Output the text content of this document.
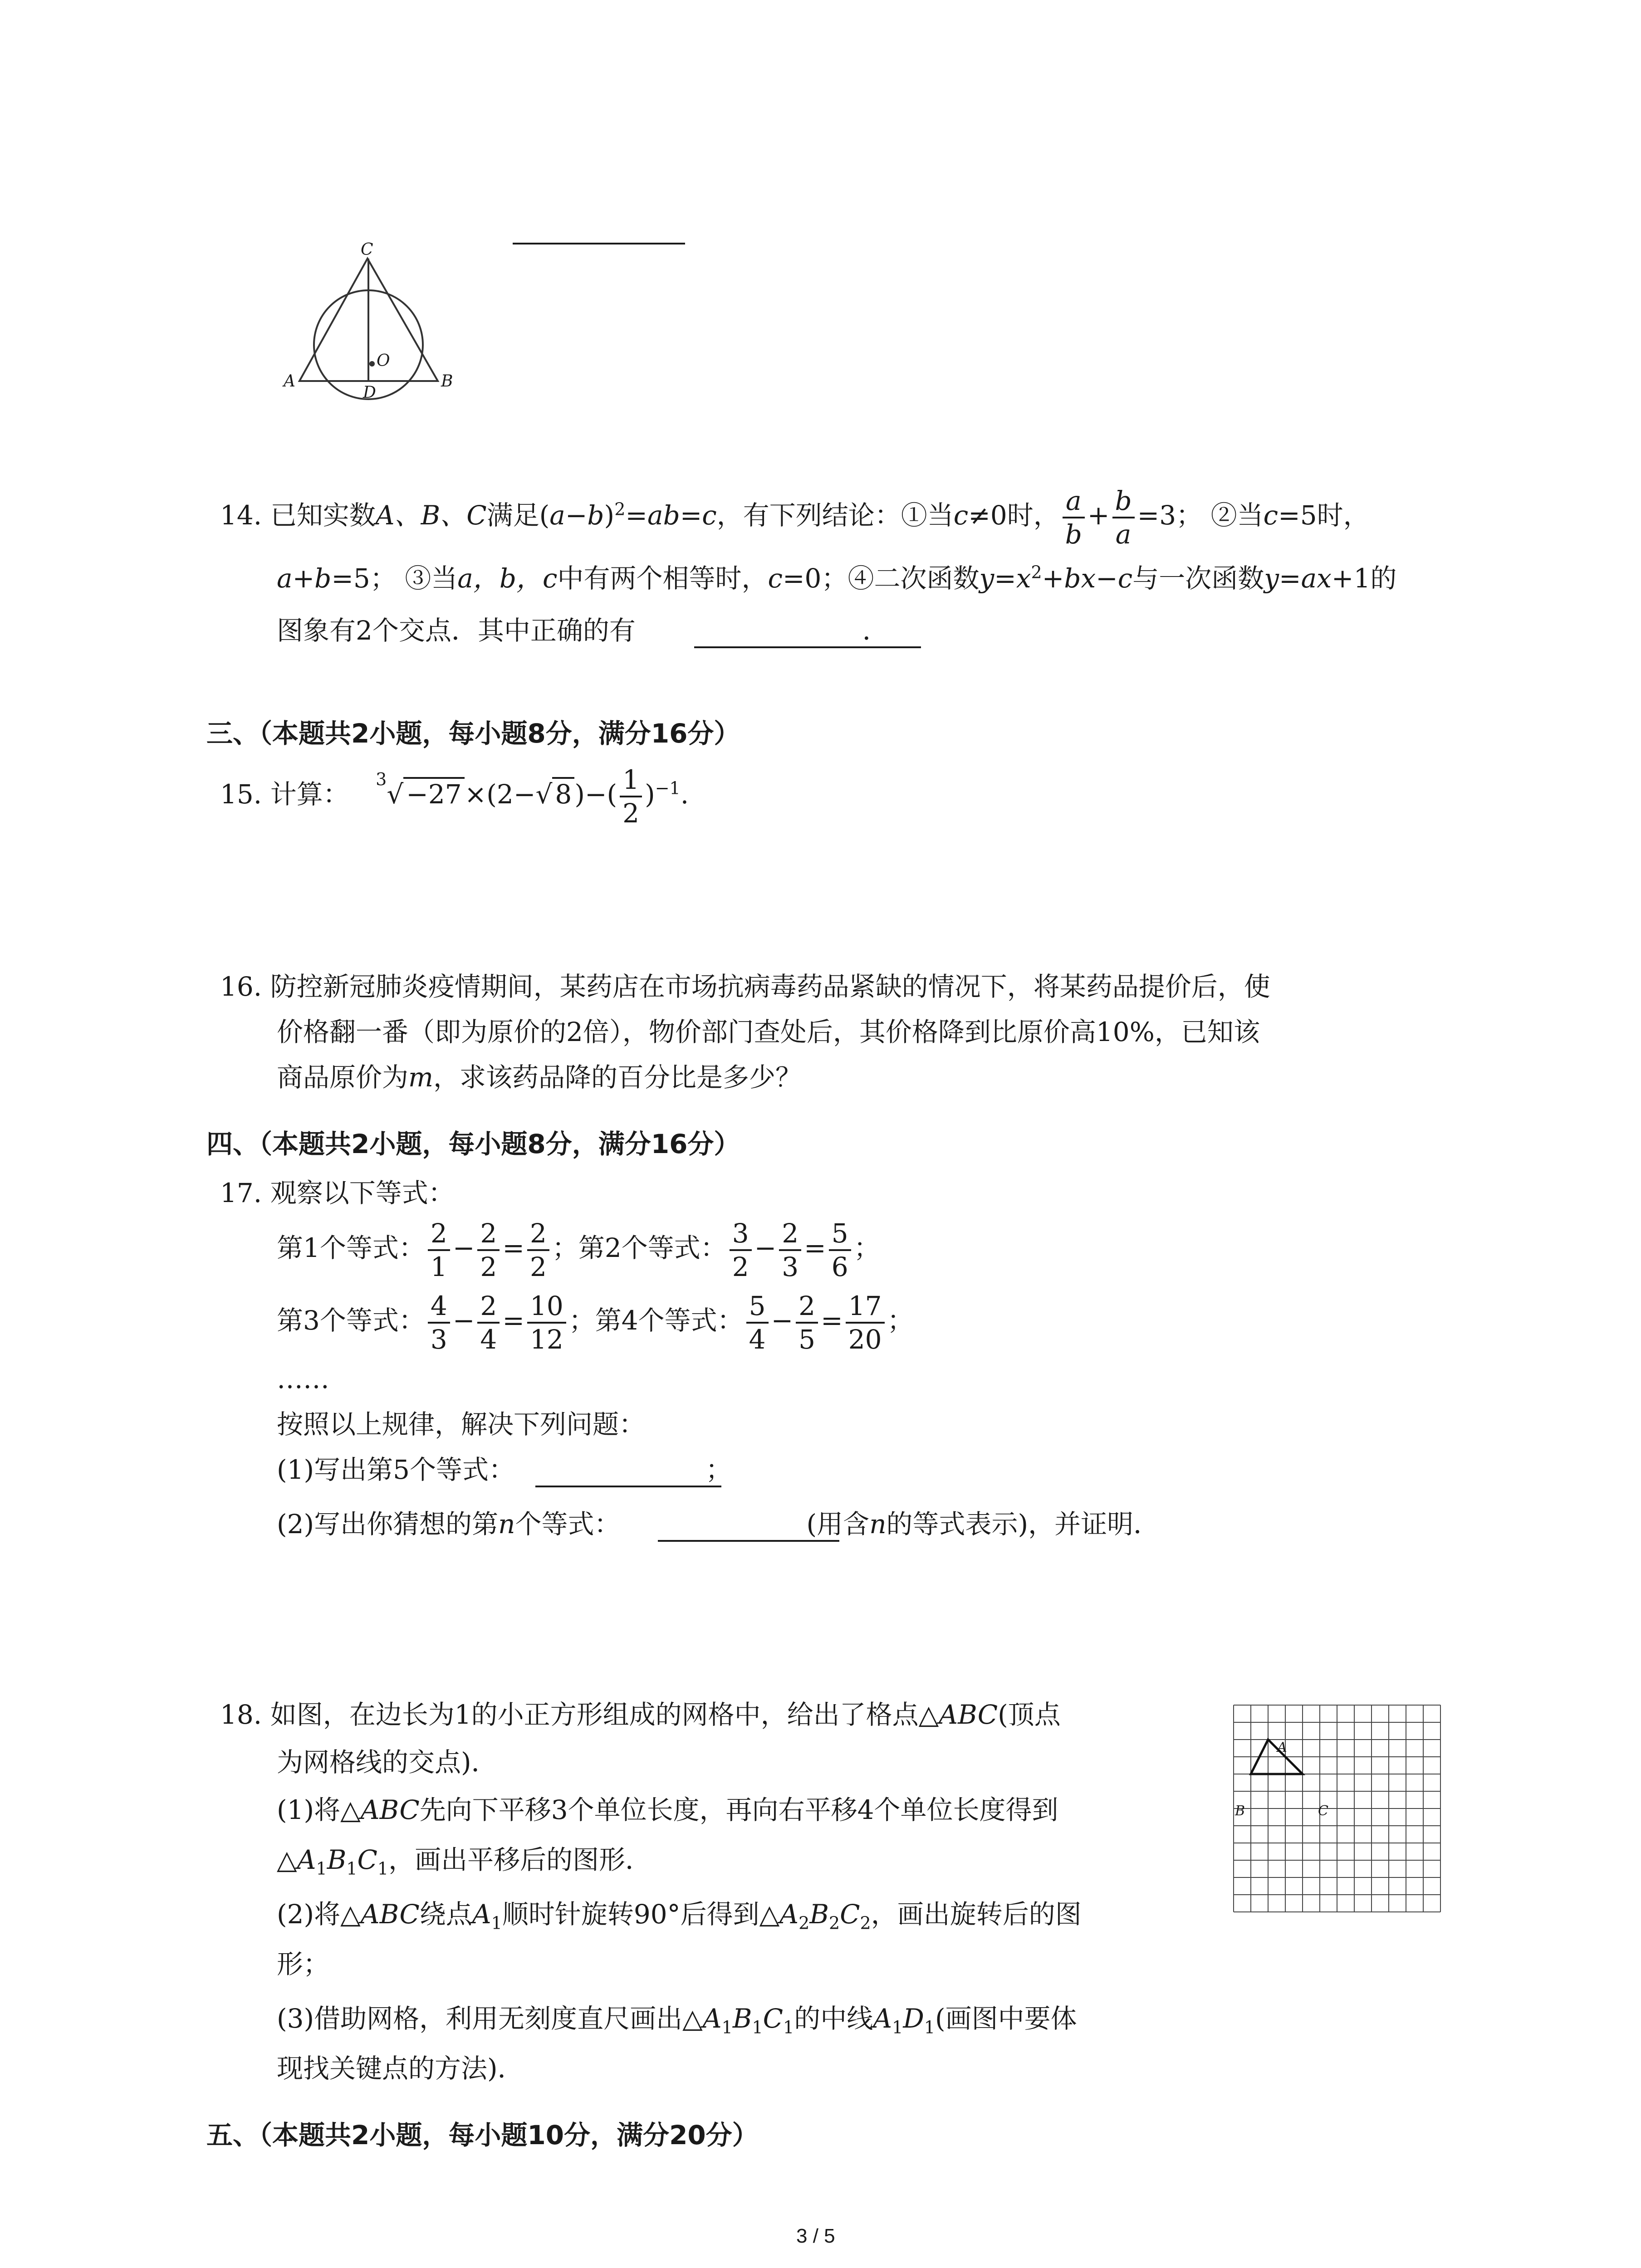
C
O
A
D
B
14. 已知实数A、B、C满足$(a-b)^2=ab=c$，有下列结论：①当c≠0时， $\frac{a}{b} + \frac{b}{a} =3$； ②当c=5时，
a+b=5； ③当a，b，c中有两个相等时，c=0；④二次函数$y=x^2+bx-c$与一次函数y=ax+1的
图象有2个交点．其中正确的有	．
三、（本题共2小题，每小题8分，满分16分）
15. 计算： $^3$√ −27 ×(2−√ 8 )−( $\frac{1}{2} )^{-1}$.
16. 防控新冠肺炎疫情期间，某药店在市场抗病毒药品紧缺的情况下，将某药品提价后，使
价格翻一番（即为原价的2倍），物价部门查处后，其价格降到比原价高10%，已知该
商品原价为m，求该药品降的百分比是多少？
四、（本题共2小题，每小题8分，满分16分）
17. 观察以下等式：
第1个等式： $\frac{2}{1} - \frac{2}{2} = \frac{2}{2}$ ；第2个等式： $\frac{3}{2} - \frac{2}{3} = \frac{5}{6}$ ；
第3个等式： $\frac{4}{3} - \frac{2}{4} = \frac{10}{12}$ ；第4个等式： $\frac{5}{4} - \frac{2}{5} = \frac{17}{20}$ ；
……
按照以上规律，解决下列问题：
(1)写出第5个等式：	；
(2)写出你猜想的第n个等式：	(用含n的等式表示)，并证明．
18. 如图，在边长为1的小正方形组成的网格中，给出了格点△ABC(顶点
为网格线的交点)．
(1)将△ABC先向下平移3个单位长度，再向右平移4个单位长度得到
$\triangle A_1B_1C_1$，画出平移后的图形．
(2)将△ABC绕点$A_1$顺时针旋转90°后得到$\triangle A_2B_2C_2$，画出旋转后的图
形；
(3)借助网格，利用无刻度直尺画出$\triangle A_1B_1C_1$的中线$A_1D_1$(画图中要体
现找关键点的方法)．
A
B	C
五、（本题共2小题，每小题10分，满分20分）
3 / 5
